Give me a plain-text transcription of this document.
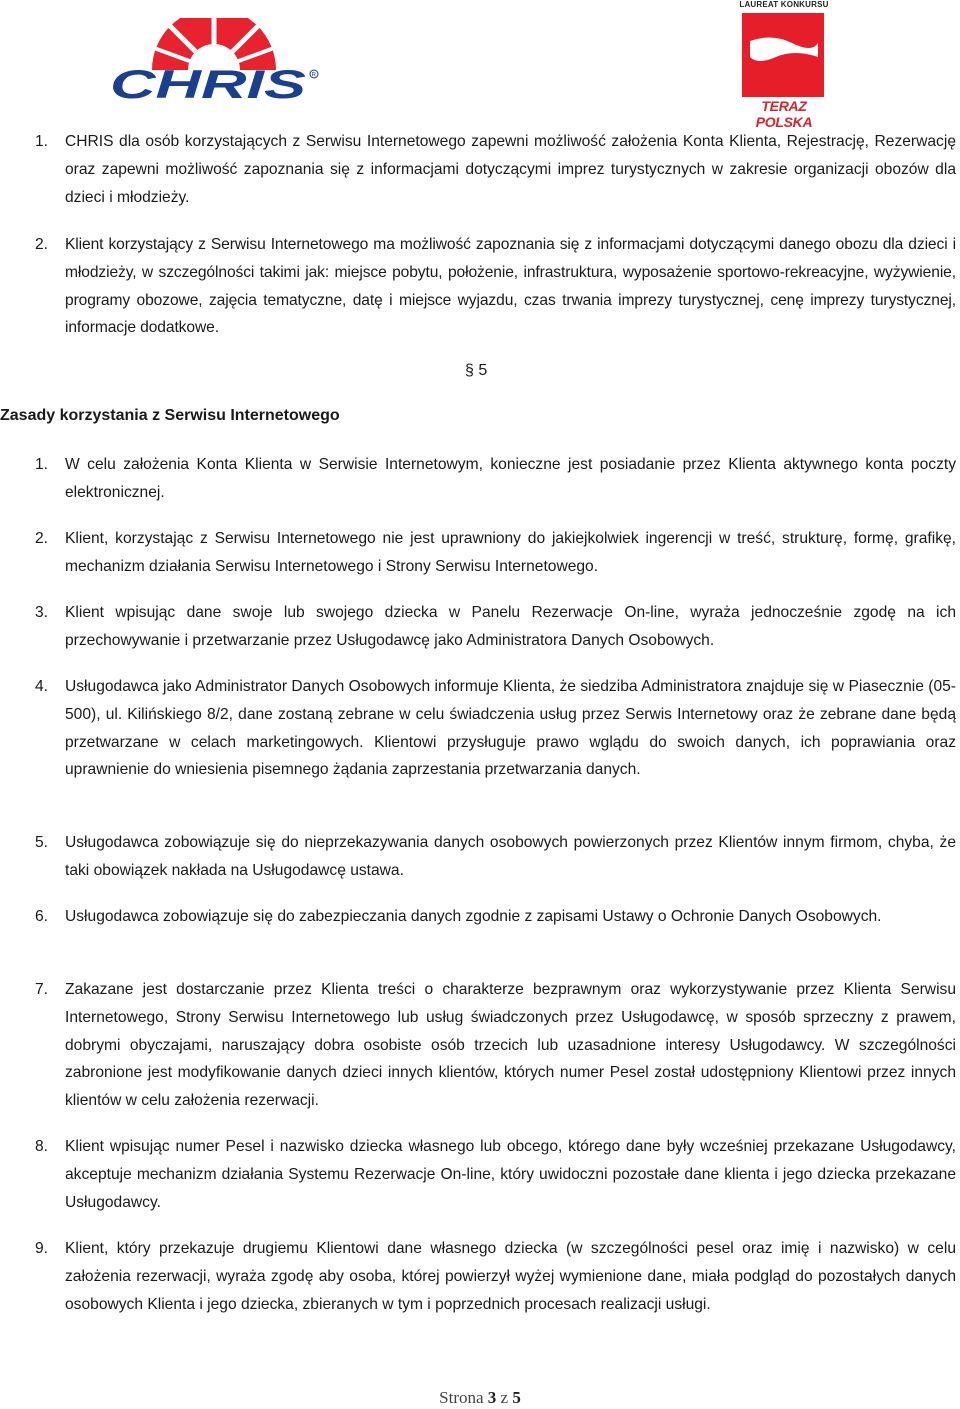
CHRIS R
LAUREAT KONKURSU
TERAZ POLSKA
1.	CHRIS dla osób korzystających z Serwisu Internetowego zapewni możliwość założenia Konta Klienta, Rejestrację, Rezerwację oraz zapewni możliwość zapoznania się z informacjami dotyczącymi imprez turystycznych w zakresie organizacji obozów dla dzieci i młodzieży.
2.	Klient korzystający z Serwisu Internetowego ma możliwość zapoznania się z informacjami dotyczącymi danego obozu dla dzieci i młodzieży, w szczególności takimi jak: miejsce pobytu, położenie, infrastruktura, wyposażenie sportowo-rekreacyjne, wyżywienie, programy obozowe, zajęcia tematyczne, datę i miejsce wyjazdu, czas trwania imprezy turystycznej, cenę imprezy turystycznej, informacje dodatkowe.
§ 5
Zasady korzystania z Serwisu Internetowego
1.	W celu założenia Konta Klienta w Serwisie Internetowym, konieczne jest posiadanie przez Klienta aktywnego konta poczty elektronicznej.
2.	Klient, korzystając z Serwisu Internetowego nie jest uprawniony do jakiejkolwiek ingerencji w treść, strukturę, formę, grafikę, mechanizm działania Serwisu Internetowego i Strony Serwisu Internetowego.
3.	Klient wpisując dane swoje lub swojego dziecka w Panelu Rezerwacje On-line, wyraża jednocześnie zgodę na ich przechowywanie i przetwarzanie przez Usługodawcę jako Administratora Danych Osobowych.
4.	Usługodawca jako Administrator Danych Osobowych informuje Klienta, że siedziba Administratora znajduje się w Piasecznie (05-500), ul. Kilińskiego 8/2, dane zostaną zebrane w celu świadczenia usług przez Serwis Internetowy oraz że zebrane dane będą przetwarzane w celach marketingowych. Klientowi przysługuje prawo wglądu do swoich danych, ich poprawiania oraz uprawnienie do wniesienia pisemnego żądania zaprzestania przetwarzania danych.
5.	Usługodawca zobowiązuje się do nieprzekazywania danych osobowych powierzonych przez Klientów innym firmom, chyba, że taki obowiązek nakłada na Usługodawcę ustawa.
6.	Usługodawca zobowiązuje się do zabezpieczania danych zgodnie z zapisami Ustawy o Ochronie Danych Osobowych.
7.	Zakazane jest dostarczanie przez Klienta treści o charakterze bezprawnym oraz wykorzystywanie przez Klienta Serwisu Internetowego, Strony Serwisu Internetowego lub usług świadczonych przez Usługodawcę, w sposób sprzeczny z prawem, dobrymi obyczajami, naruszający dobra osobiste osób trzecich lub uzasadnione interesy Usługodawcy. W szczególności zabronione jest modyfikowanie danych dzieci innych klientów, których numer Pesel został udostępniony Klientowi przez innych klientów w celu założenia rezerwacji.
8.	Klient wpisując numer Pesel i nazwisko dziecka własnego lub obcego, którego dane były wcześniej przekazane Usługodawcy, akceptuje mechanizm działania Systemu Rezerwacje On-line, który uwidoczni pozostałe dane klienta i jego dziecka przekazane Usługodawcy.
9.	Klient, który przekazuje drugiemu Klientowi dane własnego dziecka (w szczególności pesel oraz imię i nazwisko) w celu założenia rezerwacji, wyraża zgodę aby osoba, której powierzył wyżej wymienione dane, miała podgląd do pozostałych danych osobowych Klienta i jego dziecka, zbieranych w tym i poprzednich procesach realizacji usługi.
Strona 3 z 5
